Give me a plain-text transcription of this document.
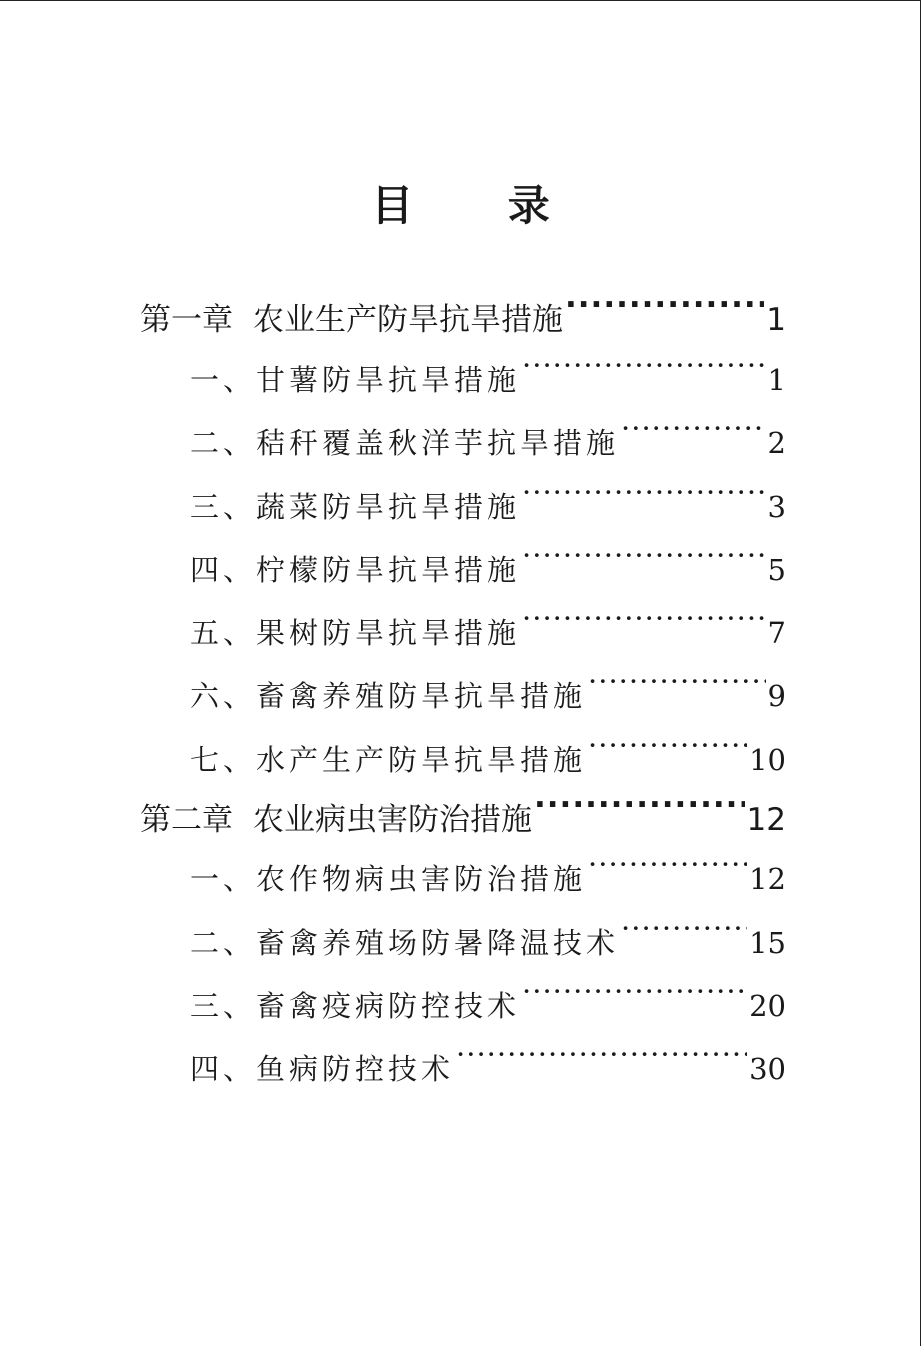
目 录
第一章 农业生产防旱抗旱措施 ·····	1
一、甘薯防旱抗旱措施 ·····	1
二、秸秆覆盖秋洋芋抗旱措施 ·····	2
三、蔬菜防旱抗旱措施 ·····	3
四、柠檬防旱抗旱措施 ·····	5
五、果树防旱抗旱措施 ·····	7
六、畜禽养殖防旱抗旱措施 ·····	9
七、水产生产防旱抗旱措施 ·····	10
第二章 农业病虫害防治措施 ·····	12
一、农作物病虫害防治措施 ·····	12
二、畜禽养殖场防暑降温技术 ·····	15
三、畜禽疫病防控技术 ·····	20
四、鱼病防控技术 ·····	30
